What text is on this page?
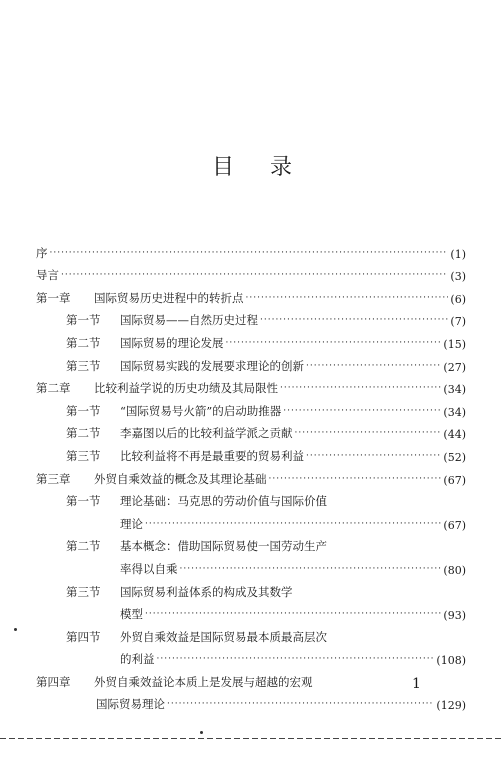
目录
序 ·····	(1)
导言 ·····	(3)
第一章	国际贸易历史进程中的转折点 ·····	(6)
第一节	国际贸易——自然历史过程 ·····	(7)
第二节	国际贸易的理论发展 ·····	(15)
第三节	国际贸易实践的发展要求理论的创新 ·····	(27)
第二章	比较利益学说的历史功绩及其局限性 ·····	(34)
第一节	“国际贸易号火箭”的启动助推器 ·····	(34)
第二节	李嘉图以后的比较利益学派之贡献 ·····	(44)
第三节	比较利益将不再是最重要的贸易利益 ·····	(52)
第三章	外贸自乘效益的概念及其理论基础 ·····	(67)
第一节	理论基础：马克思的劳动价值与国际价值
理论 ·····	(67)
第二节	基本概念：借助国际贸易使一国劳动生产
率得以自乘 ·····	(80)
第三节	国际贸易利益体系的构成及其数学
模型 ·····	(93)
第四节	外贸自乘效益是国际贸易最本质最高层次
的利益 ·····	(108)
第四章	外贸自乘效益论本质上是发展与超越的宏观
国际贸易理论 ·····	(129)
1
